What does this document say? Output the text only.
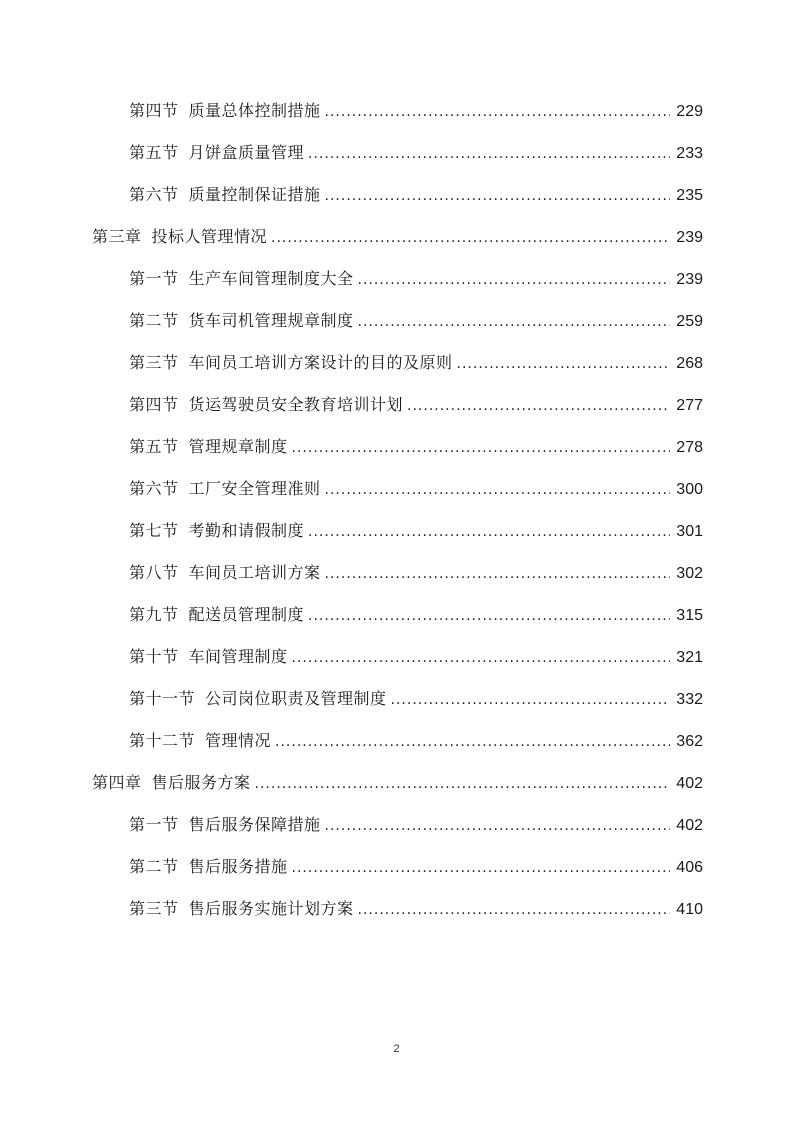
第四节 质量总体控制措施 .....	229
第五节 月饼盒质量管理 .....	233
第六节 质量控制保证措施 .....	235
第三章 投标人管理情况 .....	239
第一节 生产车间管理制度大全 .....	239
第二节 货车司机管理规章制度 .....	259
第三节 车间员工培训方案设计的目的及原则 .....	268
第四节 货运驾驶员安全教育培训计划 .....	277
第五节 管理规章制度 .....	278
第六节 工厂安全管理准则 .....	300
第七节 考勤和请假制度 .....	301
第八节 车间员工培训方案 .....	302
第九节 配送员管理制度 .....	315
第十节 车间管理制度 .....	321
第十一节 公司岗位职责及管理制度 .....	332
第十二节 管理情况 .....	362
第四章 售后服务方案 .....	402
第一节 售后服务保障措施 .....	402
第二节 售后服务措施 .....	406
第三节 售后服务实施计划方案 .....	410
2
